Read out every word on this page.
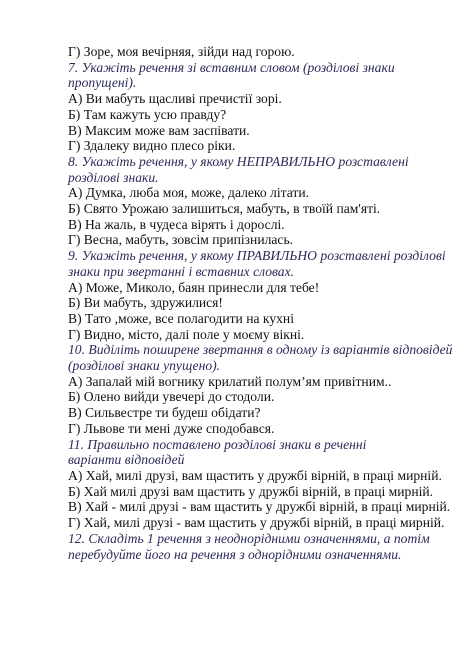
Г) Зоре, моя вечірняя, зійди над горою.

7. Укажіть речення зі вставним словом (розділові знаки

пропущені).

А) Ви мабуть щасливі пречистії зорі.

Б) Там кажуть усю правду?

В) Максим може вам заспівати.

Г) Здалеку видно плесо ріки.

8. Укажіть речення, у якому НЕПРАВИЛЬНО розставлені

розділові знаки.

А) Думка, люба моя, може, далеко літати.

Б) Свято Урожаю залишиться, мабуть, в твоїй пам'яті.

В) На жаль, в чудеса вірять і дорослі.

Г) Весна, мабуть, зовсім припізнилась.

9. Укажіть речення, у якому ПРАВИЛЬНО розставлені розділові

знаки при звертанні і вставних словах.

А) Може, Миколо, баян принесли для тебе!

Б) Ви мабуть, здружилися!

В) Тато ,може, все полагодити на кухні

Г) Видно, місто, далі поле у моєму вікні.

10. Виділіть поширене звертання в одному із варіантів відповідей

(розділові знаки упущено).

А) Запалай мій вогнику крилатий полум’ям привітним..

Б) Олено вийди увечері до стодоли.

В) Сильвестре ти будеш обідати?

Г) Львове ти мені дуже сподобався.

11. Правильно поставлено розділові знаки в реченні

варіанти відповідей

А) Хай, милі друзі, вам щастить у дружбі вірній, в праці мирній.

Б) Хай милі друзі вам щастить у дружбі вірній, в праці мирній.

В) Хай - милі друзі - вам щастить у дружбі вірній, в праці мирній.

Г) Хай, милі друзі - вам щастить у дружбі вірній, в праці мирній.

12. Складіть 1 речення з неоднорідними означеннями, а потім

перебудуйте його на речення з однорідними означеннями.
